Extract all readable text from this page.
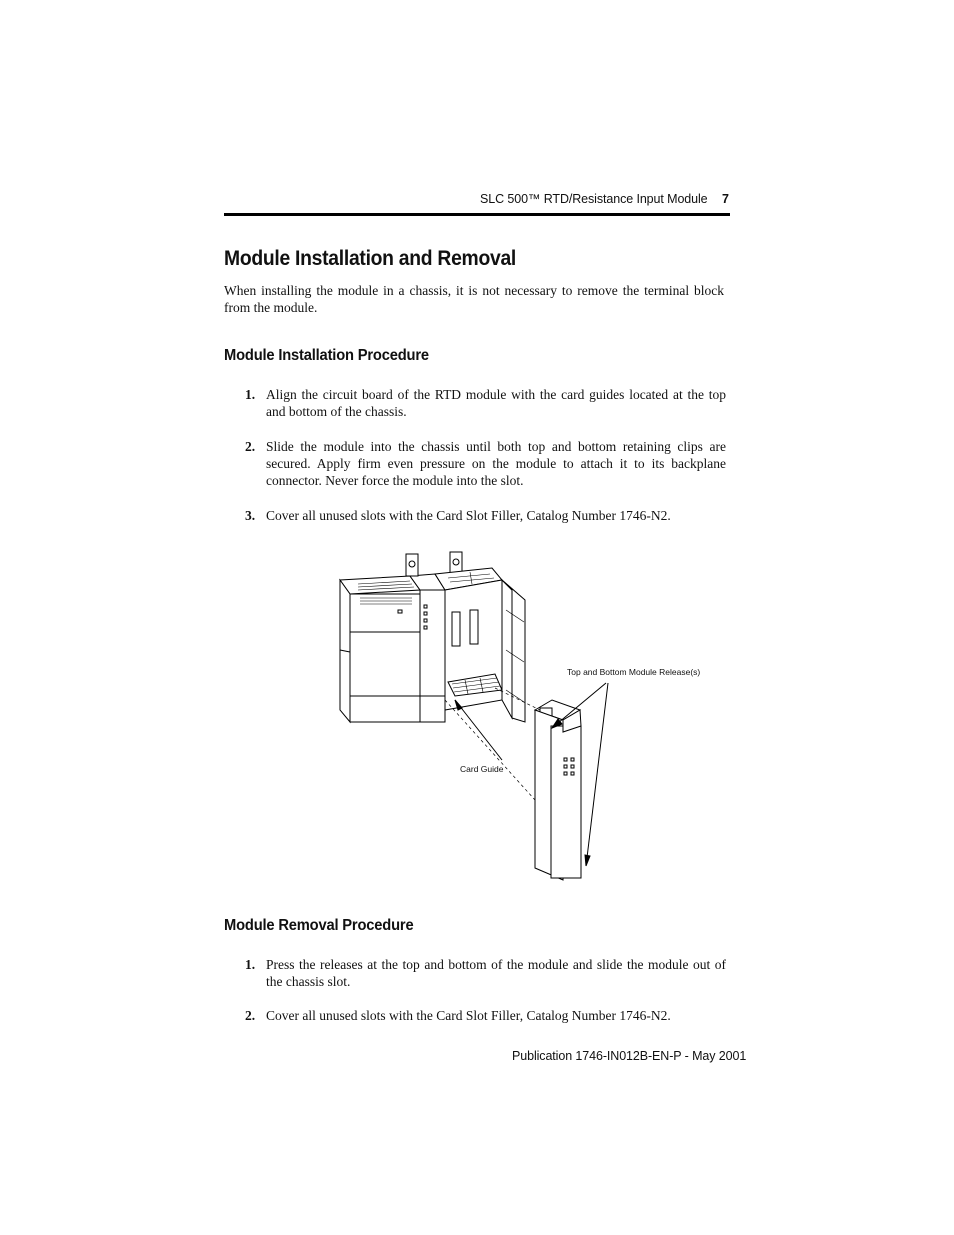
SLC 500™ RTD/Resistance Input Module 7
Module Installation and Removal
When installing the module in a chassis, it is not necessary to remove the terminal block from the module.
Module Installation Procedure
1. Align the circuit board of the RTD module with the card guides located at the top and bottom of the chassis.
2. Slide the module into the chassis until both top and bottom retaining clips are secured. Apply firm even pressure on the module to attach it to its backplane connector. Never force the module into the slot.
3. Cover all unused slots with the Card Slot Filler, Catalog Number 1746-N2.
Top and Bottom Module Release(s)
Card Guide
Module Removal Procedure
1. Press the releases at the top and bottom of the module and slide the module out of the chassis slot.
2. Cover all unused slots with the Card Slot Filler, Catalog Number 1746-N2.
Publication 1746-IN012B-EN-P - May 2001
